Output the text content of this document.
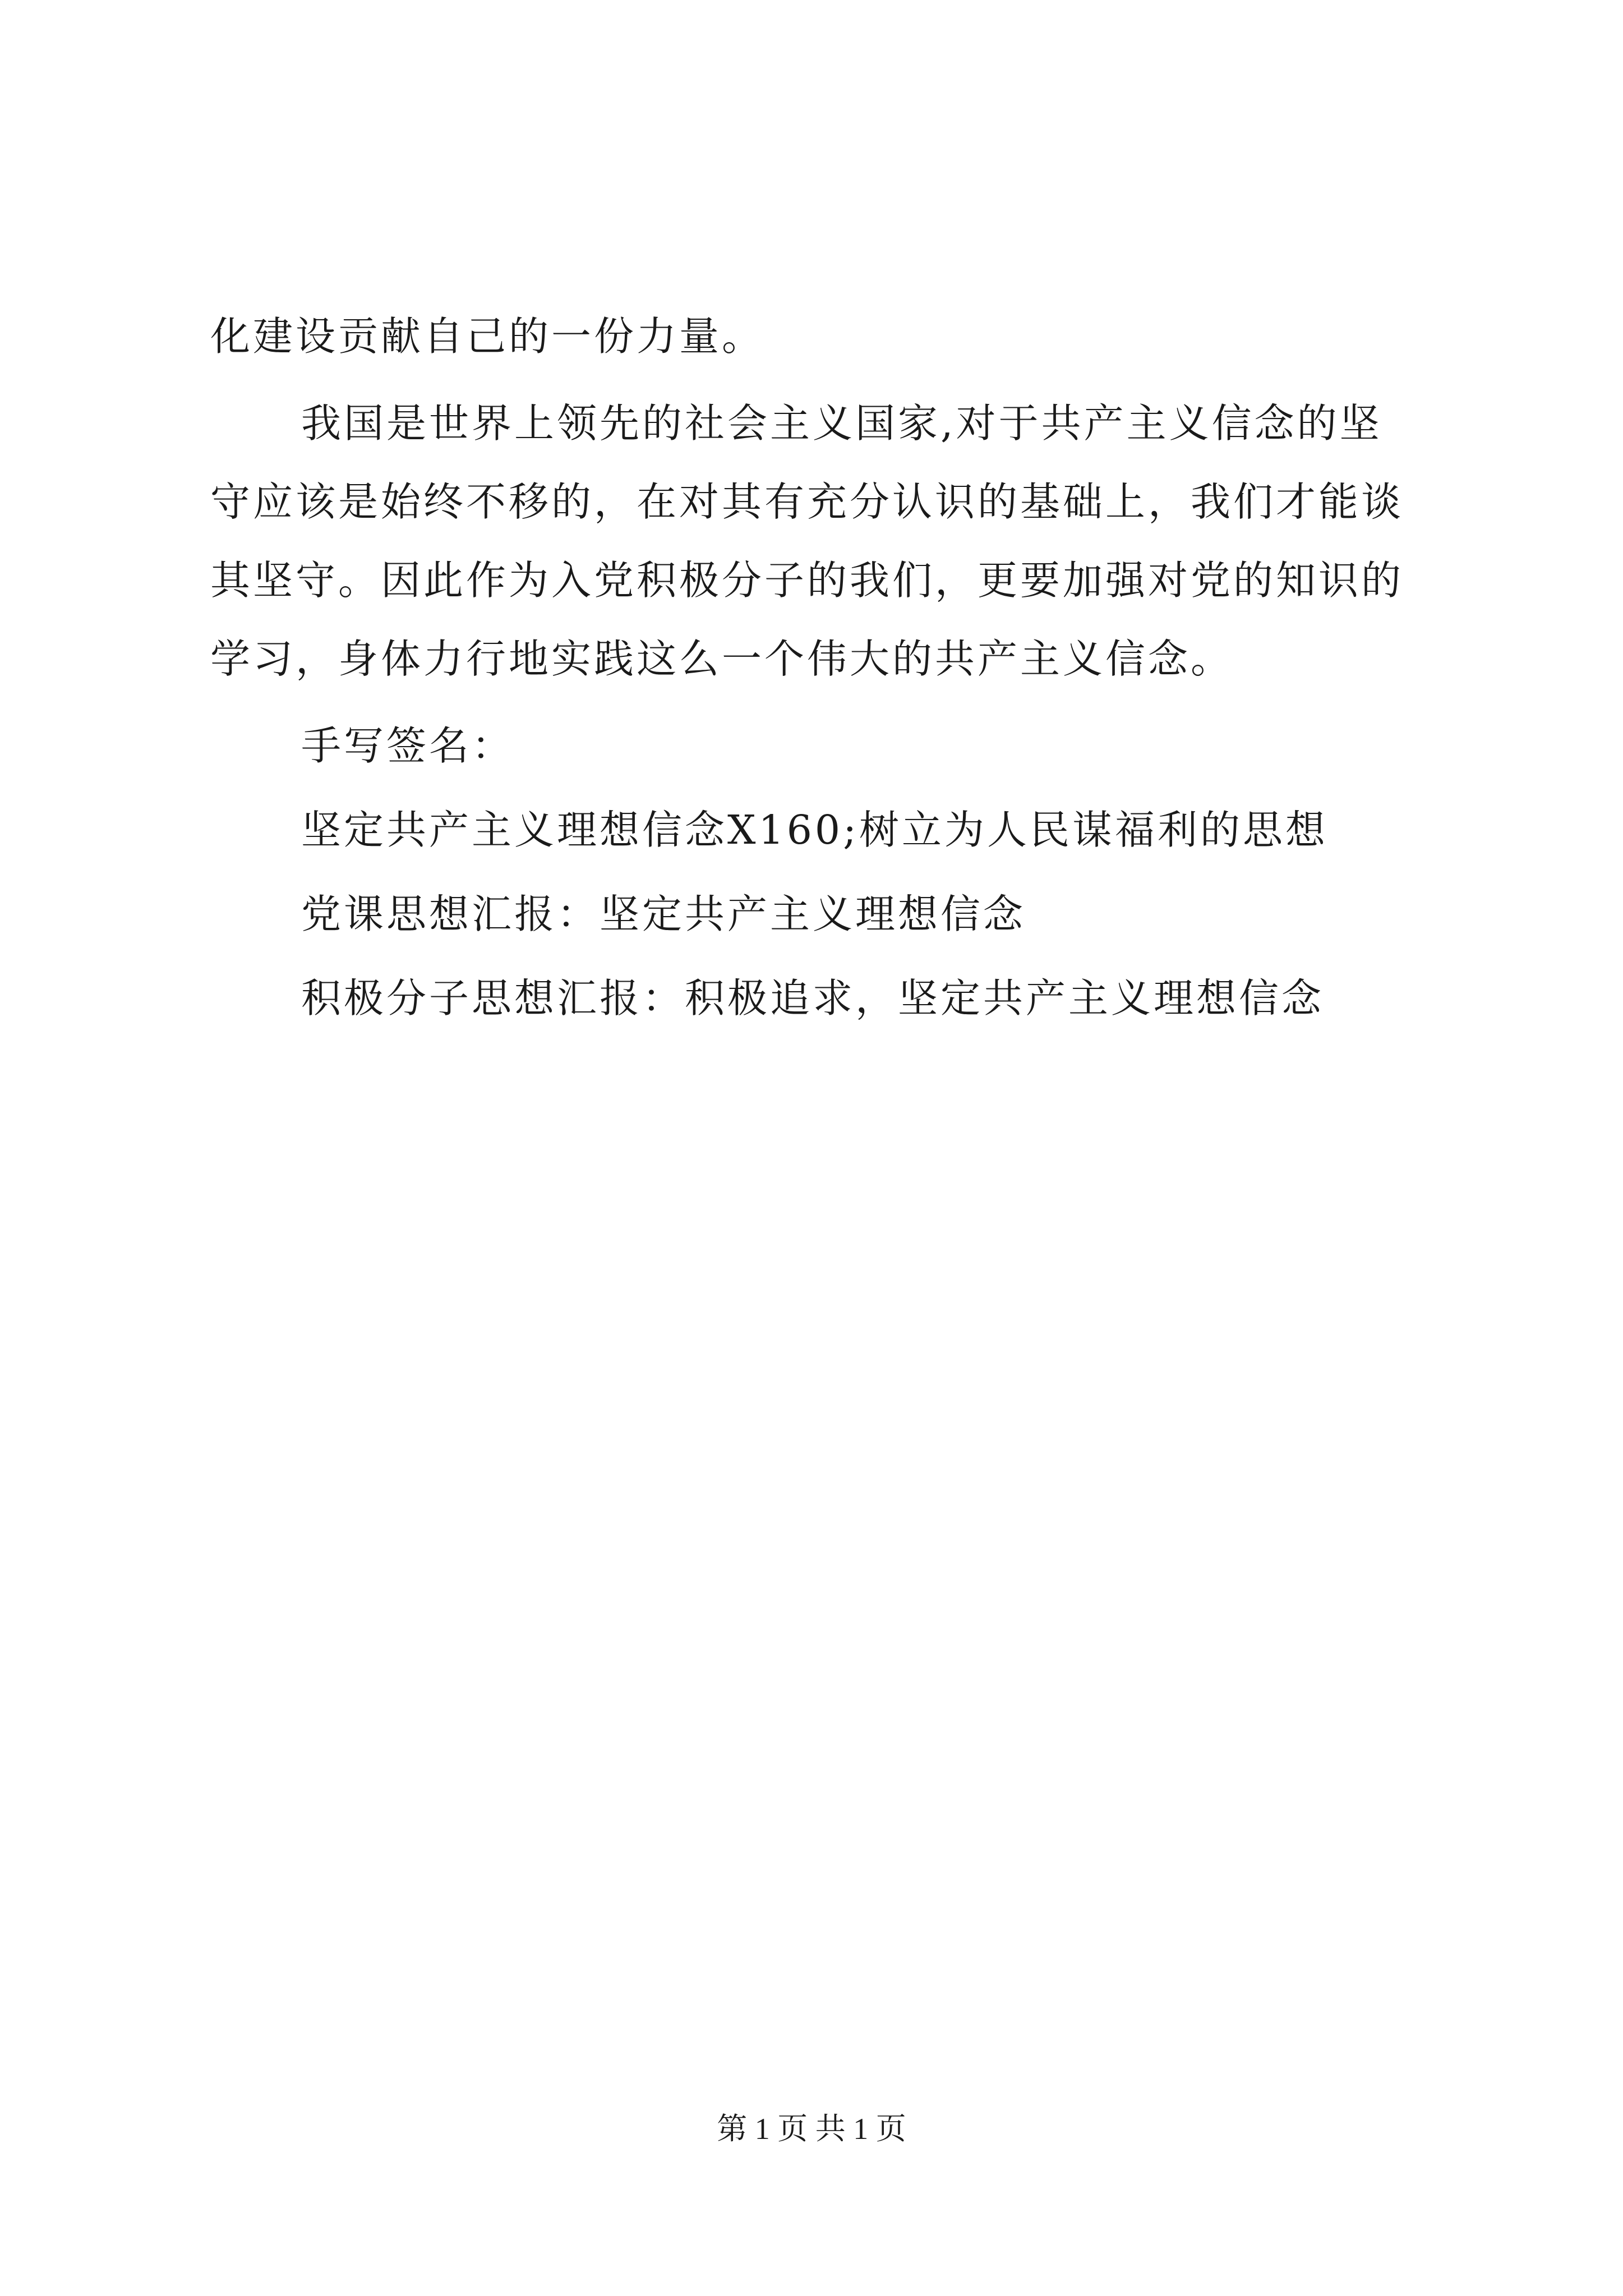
化建设贡献自己的一份力量。
我国是世界上领先的社会主义国家,对于共产主义信念的坚
守应该是始终不移的，在对其有充分认识的基础上，我们才能谈
其坚守。因此作为入党积极分子的我们，更要加强对党的知识的
学习，身体力行地实践这么一个伟大的共产主义信念。
手写签名：
坚定共产主义理想信念X160;树立为人民谋福利的思想
党课思想汇报：坚定共产主义理想信念
积极分子思想汇报：积极追求，坚定共产主义理想信念
第 1 页 共 1 页
